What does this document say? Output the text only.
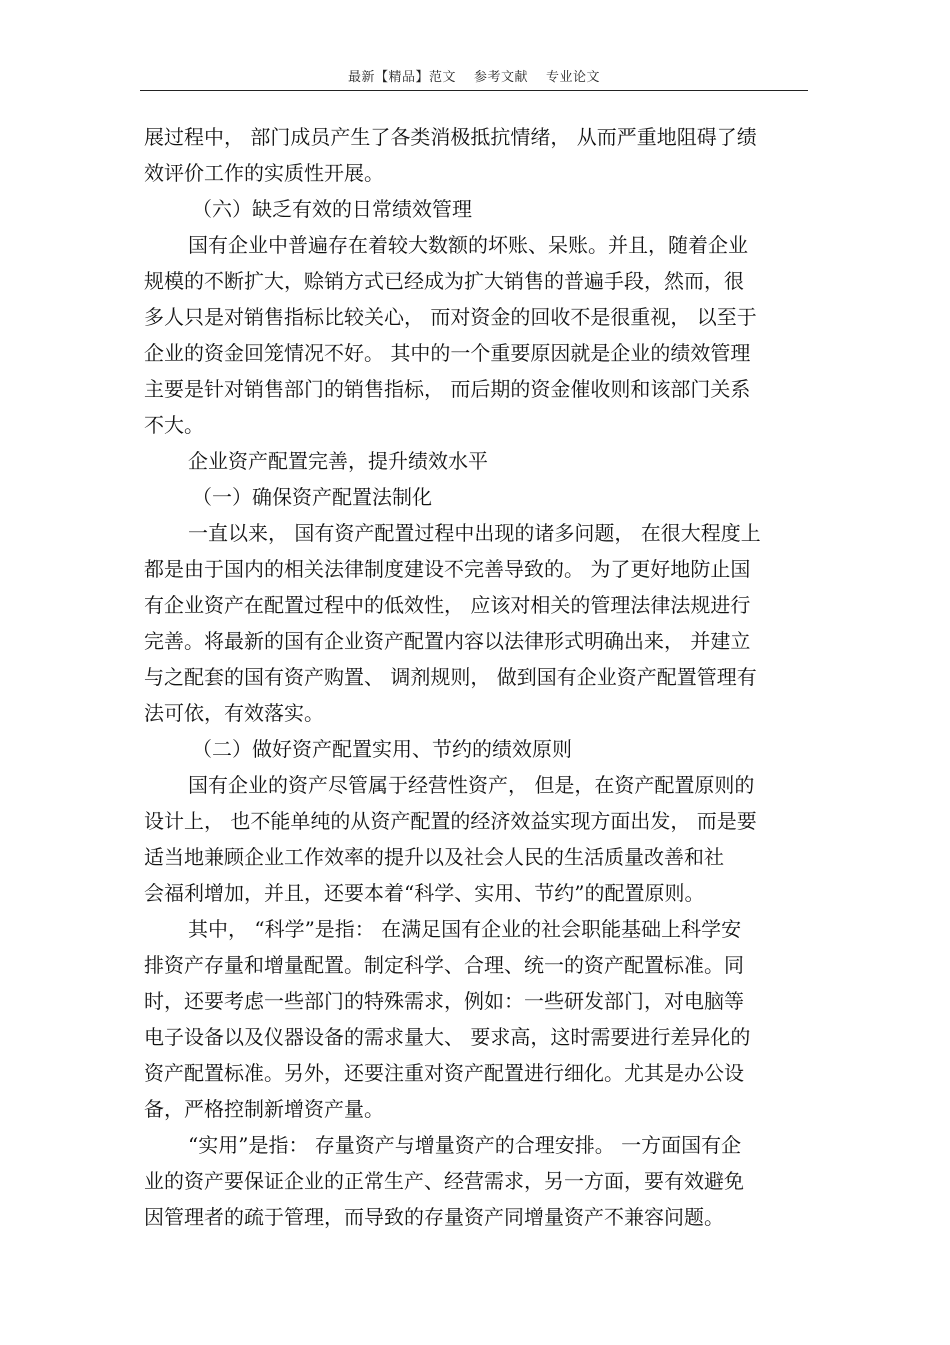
最新【精品】范文 参考文献 专业论文
展过程中， 部门成员产生了各类消极抵抗情绪， 从而严重地阻碍了绩
效评价工作的实质性开展。
（六）缺乏有效的日常绩效管理
国有企业中普遍存在着较大数额的坏账、呆账。并且，随着企业
规模的不断扩大，赊销方式已经成为扩大销售的普遍手段，然而，很
多人只是对销售指标比较关心， 而对资金的回收不是很重视， 以至于
企业的资金回笼情况不好。 其中的一个重要原因就是企业的绩效管理
主要是针对销售部门的销售指标， 而后期的资金催收则和该部门关系
不大。
企业资产配置完善，提升绩效水平
（一）确保资产配置法制化
一直以来， 国有资产配置过程中出现的诸多问题， 在很大程度上
都是由于国内的相关法律制度建设不完善导致的。 为了更好地防止国
有企业资产在配置过程中的低效性， 应该对相关的管理法律法规进行
完善。将最新的国有企业资产配置内容以法律形式明确出来， 并建立
与之配套的国有资产购置、 调剂规则， 做到国有企业资产配置管理有
法可依，有效落实。
（二）做好资产配置实用、节约的绩效原则
国有企业的资产尽管属于经营性资产， 但是，在资产配置原则的
设计上， 也不能单纯的从资产配置的经济效益实现方面出发， 而是要
适当地兼顾企业工作效率的提升以及社会人民的生活质量改善和社
会福利增加，并且，还要本着“科学、实用、节约”的配置原则。
其中， “科学”是指： 在满足国有企业的社会职能基础上科学安
排资产存量和增量配置。制定科学、合理、统一的资产配置标准。同
时，还要考虑一些部门的特殊需求，例如：一些研发部门，对电脑等
电子设备以及仪器设备的需求量大、 要求高，这时需要进行差异化的
资产配置标准。另外，还要注重对资产配置进行细化。尤其是办公设
备，严格控制新增资产量。
“实用”是指： 存量资产与增量资产的合理安排。 一方面国有企
业的资产要保证企业的正常生产、经营需求，另一方面，要有效避免
因管理者的疏于管理，而导致的存量资产同增量资产不兼容问题。
